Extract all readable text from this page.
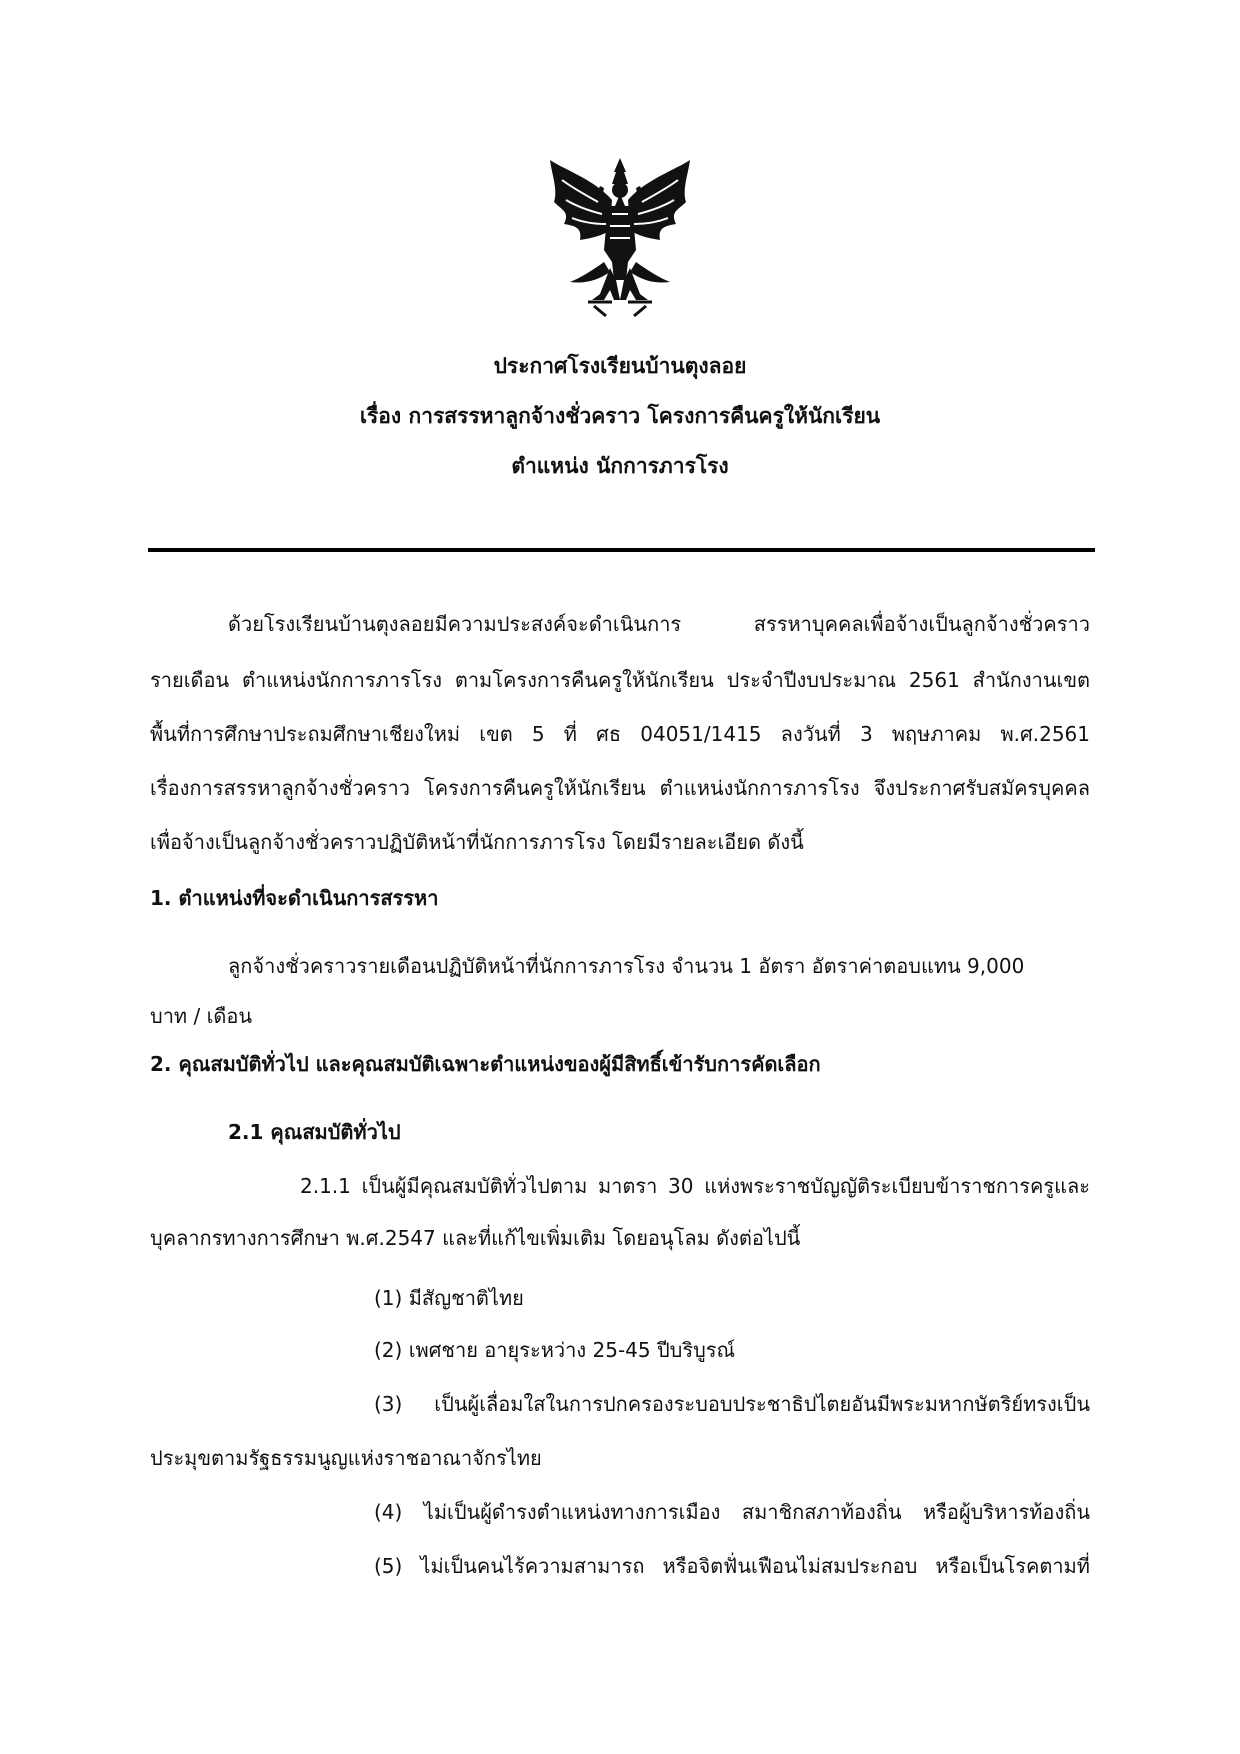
ประกาศโรงเรียนบ้านตุงลอย
เรื่อง การสรรหาลูกจ้างชั่วคราว โครงการคืนครูให้นักเรียน
ตำแหน่ง นักการภารโรง
ด้วยโรงเรียนบ้านตุงลอยมีความประสงค์จะดำเนินการ สรรหาบุคคลเพื่อจ้างเป็นลูกจ้างชั่วคราว
รายเดือน ตำแหน่งนักการภารโรง ตามโครงการคืนครูให้นักเรียน ประจำปีงบประมาณ 2561 สำนักงานเขต
พื้นที่การศึกษาประถมศึกษาเชียงใหม่ เขต 5 ที่ ศธ 04051/1415 ลงวันที่ 3 พฤษภาคม พ.ศ.2561
เรื่องการสรรหาลูกจ้างชั่วคราว โครงการคืนครูให้นักเรียน ตำแหน่งนักการภารโรง จึงประกาศรับสมัครบุคคล
เพื่อจ้างเป็นลูกจ้างชั่วคราวปฏิบัติหน้าที่นักการภารโรง โดยมีรายละเอียด ดังนี้
1. ตำแหน่งที่จะดำเนินการสรรหา
ลูกจ้างชั่วคราวรายเดือนปฏิบัติหน้าที่นักการภารโรง จำนวน 1 อัตรา อัตราค่าตอบแทน 9,000
บาท / เดือน
2. คุณสมบัติทั่วไป และคุณสมบัติเฉพาะตำแหน่งของผู้มีสิทธิ์เข้ารับการคัดเลือก
2.1 คุณสมบัติทั่วไป
2.1.1 เป็นผู้มีคุณสมบัติทั่วไปตาม มาตรา 30 แห่งพระราชบัญญัติระเบียบข้าราชการครูและ
บุคลากรทางการศึกษา พ.ศ.2547 และที่แก้ไขเพิ่มเติม โดยอนุโลม ดังต่อไปนี้
(1) มีสัญชาติไทย
(2) เพศชาย อายุระหว่าง 25-45 ปีบริบูรณ์
(3) เป็นผู้เลื่อมใสในการปกครองระบอบประชาธิปไตยอันมีพระมหากษัตริย์ทรงเป็น
ประมุขตามรัฐธรรมนูญแห่งราชอาณาจักรไทย
(4) ไม่เป็นผู้ดำรงตำแหน่งทางการเมือง สมาชิกสภาท้องถิ่น หรือผู้บริหารท้องถิ่น
(5) ไม่เป็นคนไร้ความสามารถ หรือจิตฟั่นเฟือนไม่สมประกอบ หรือเป็นโรคตามที่
